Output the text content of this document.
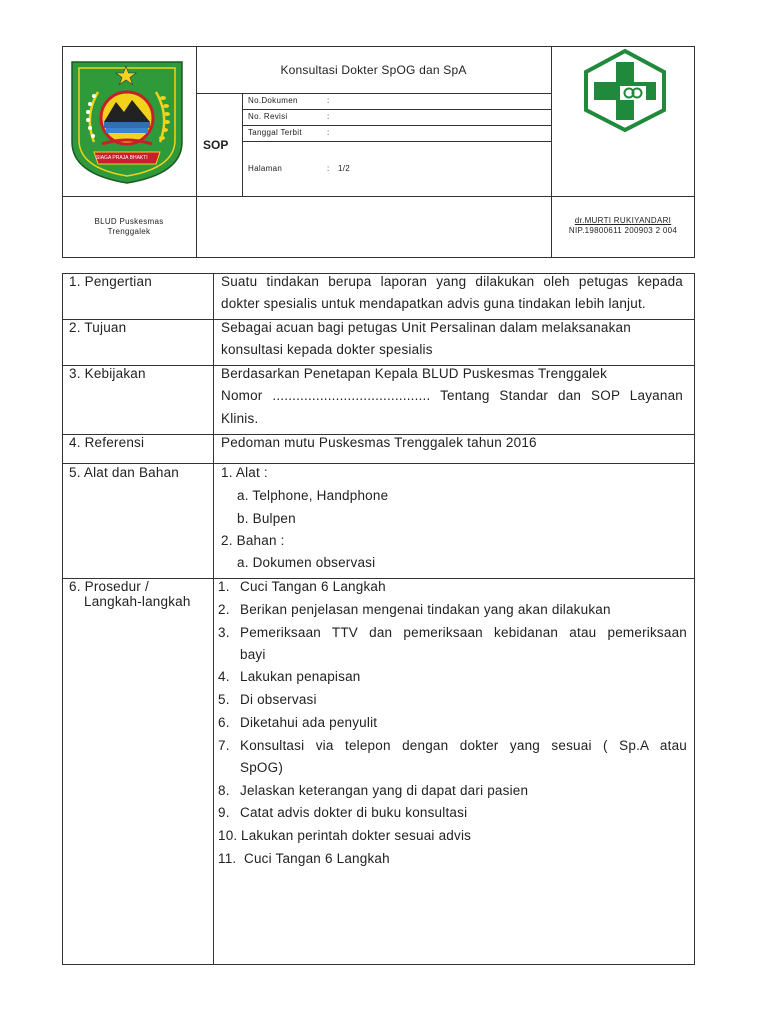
SIAGA PRAJA BHAKTI
Konsultasi Dokter SpOG dan SpA
SOP
No.Dokumen	:
No. Revisi	:
Tanggal Terbit	:
Halaman	: 1/2
BLUD Puskesmas
Trenggalek
dr.MURTI RUKIYANDARI
NIP.19800611 200903 2 004
1. Pengertian	Suatu tindakan berupa laporan yang dilakukan oleh petugas kepada
dokter spesialis untuk mendapatkan advis guna tindakan lebih lanjut.
2. Tujuan	Sebagai acuan bagi petugas Unit Persalinan dalam melaksanakan
konsultasi kepada dokter spesialis
3. Kebijakan	Berdasarkan Penetapan Kepala BLUD Puskesmas Trenggalek
Nomor ........................................ Tentang Standar dan SOP Layanan
Klinis.
4. Referensi	Pedoman mutu Puskesmas Trenggalek tahun 2016
5. Alat dan Bahan	1. Alat :
a. Telphone, Handphone
b. Bulpen
2. Bahan :
a. Dokumen observasi
6. Prosedur /
Langkah-langkah
1. Cuci Tangan 6 Langkah
2. Berikan penjelasan mengenai tindakan yang akan dilakukan
3. Pemeriksaan TTV dan pemeriksaan kebidanan atau pemeriksaan
bayi
4. Lakukan penapisan
5. Di observasi
6. Diketahui ada penyulit
7. Konsultasi via telepon dengan dokter yang sesuai ( Sp.A atau
SpOG)
8. Jelaskan keterangan yang di dapat dari pasien
9. Catat advis dokter di buku konsultasi
10. Lakukan perintah dokter sesuai advis
11. Cuci Tangan 6 Langkah
